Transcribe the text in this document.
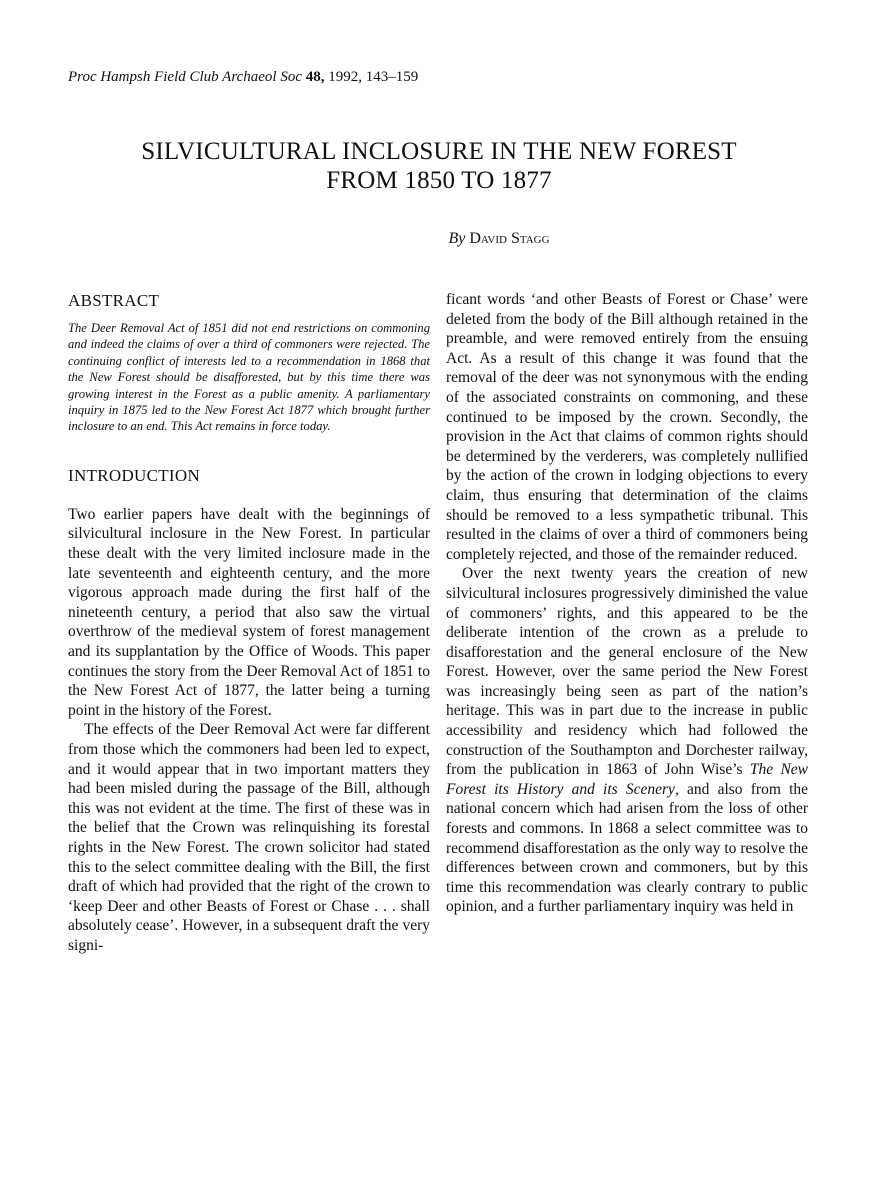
Proc Hampsh Field Club Archaeol Soc 48, 1992, 143–159
SILVICULTURAL INCLOSURE IN THE NEW FOREST
FROM 1850 TO 1877
By David Stagg
ABSTRACT

The Deer Removal Act of 1851 did not end restrictions on commoning and indeed the claims of over a third of commoners were rejected. The continuing conflict of interests led to a recommendation in 1868 that the New Forest should be disafforested, but by this time there was growing interest in the Forest as a public amenity. A parliamentary inquiry in 1875 led to the New Forest Act 1877 which brought further inclosure to an end. This Act remains in force today.

INTRODUCTION

Two earlier papers have dealt with the beginnings of silvicultural inclosure in the New Forest. In particular these dealt with the very limited inclosure made in the late seventeenth and eighteenth century, and the more vigorous approach made during the first half of the nineteenth century, a period that also saw the virtual overthrow of the medieval system of forest management and its supplantation by the Office of Woods. This paper continues the story from the Deer Removal Act of 1851 to the New Forest Act of 1877, the latter being a turning point in the history of the Forest.

The effects of the Deer Removal Act were far different from those which the commoners had been led to expect, and it would appear that in two important matters they had been misled during the passage of the Bill, although this was not evident at the time. The first of these was in the belief that the Crown was relinquishing its forestal rights in the New Forest. The crown solicitor had stated this to the select committee dealing with the Bill, the first draft of which had provided that the right of the crown to ‘keep Deer and other Beasts of Forest or Chase . . . shall absolutely cease’. However, in a subsequent draft the very signi-

ficant words ‘and other Beasts of Forest or Chase’ were deleted from the body of the Bill although retained in the preamble, and were removed entirely from the ensuing Act. As a result of this change it was found that the removal of the deer was not synonymous with the ending of the associated constraints on commoning, and these continued to be imposed by the crown. Secondly, the provision in the Act that claims of common rights should be determined by the verderers, was completely nullified by the action of the crown in lodging objections to every claim, thus ensuring that determination of the claims should be removed to a less sympathetic tribunal. This resulted in the claims of over a third of commoners being completely rejected, and those of the remainder reduced.

Over the next twenty years the creation of new silvicultural inclosures progressively diminished the value of commoners’ rights, and this appeared to be the deliberate intention of the crown as a prelude to disafforestation and the general enclosure of the New Forest. However, over the same period the New Forest was increasingly being seen as part of the nation’s heritage. This was in part due to the increase in public accessibility and residency which had followed the construction of the Southampton and Dorchester railway, from the publication in 1863 of John Wise’s The New Forest its History and its Scenery, and also from the national concern which had arisen from the loss of other forests and commons. In 1868 a select committee was to recommend disafforestation as the only way to resolve the differences between crown and commoners, but by this time this recommendation was clearly contrary to public opinion, and a further parliamentary inquiry was held in
